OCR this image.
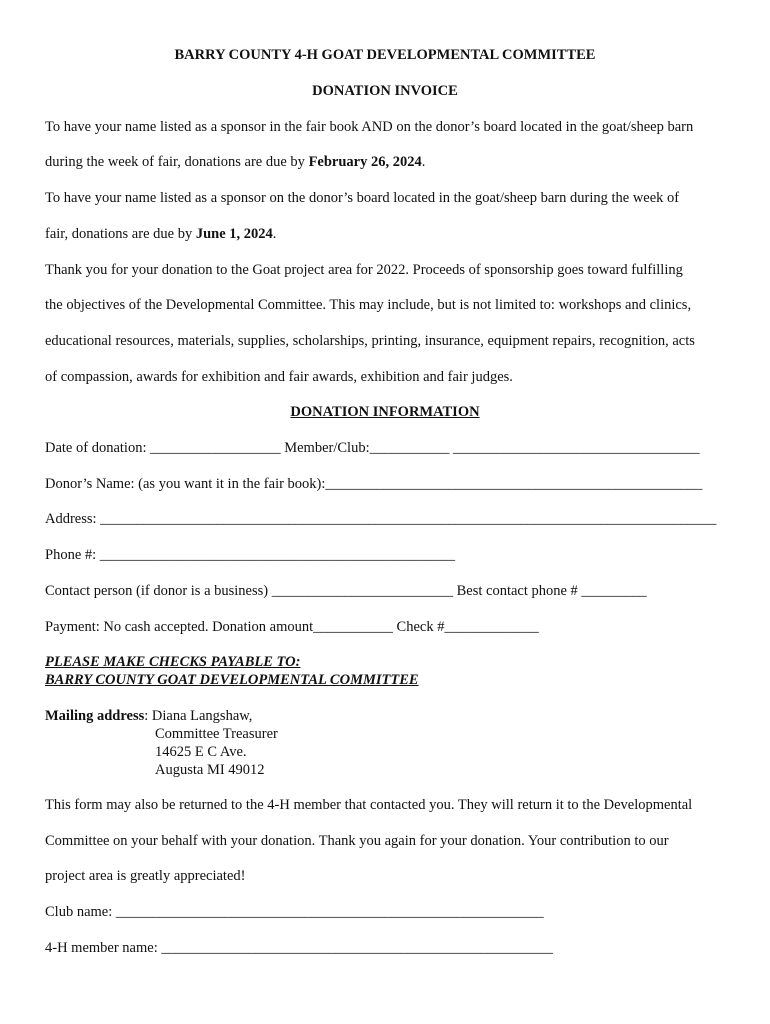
BARRY COUNTY 4-H GOAT DEVELOPMENTAL COMMITTEE
DONATION INVOICE
To have your name listed as a sponsor in the fair book AND on the donor’s board located in the goat/sheep barn
during the week of fair, donations are due by February 26, 2024.
To have your name listed as a sponsor on the donor’s board located in the goat/sheep barn during the week of
fair, donations are due by June 1, 2024.
Thank you for your donation to the Goat project area for 2022. Proceeds of sponsorship goes toward fulfilling
the objectives of the Developmental Committee. This may include, but is not limited to: workshops and clinics,
educational resources, materials, supplies, scholarships, printing, insurance, equipment repairs, recognition, acts
of compassion, awards for exhibition and fair awards, exhibition and fair judges.
DONATION INFORMATION
Date of donation: __________________ Member/Club:___________ __________________________________
Donor’s Name: (as you want it in the fair book):____________________________________________________
Address: _____________________________________________________________________________________
Phone #: _________________________________________________
Contact person (if donor is a business) _________________________ Best contact phone # _________
Payment: No cash accepted. Donation amount___________ Check #_____________
PLEASE MAKE CHECKS PAYABLE TO:
BARRY COUNTY GOAT DEVELOPMENTAL COMMITTEE
Mailing address: Diana Langshaw,
Committee Treasurer
14625 E C Ave.
Augusta MI 49012
This form may also be returned to the 4-H member that contacted you. They will return it to the Developmental
Committee on your behalf with your donation. Thank you again for your donation. Your contribution to our
project area is greatly appreciated!
Club name: ___________________________________________________________
4-H member name: ______________________________________________________
